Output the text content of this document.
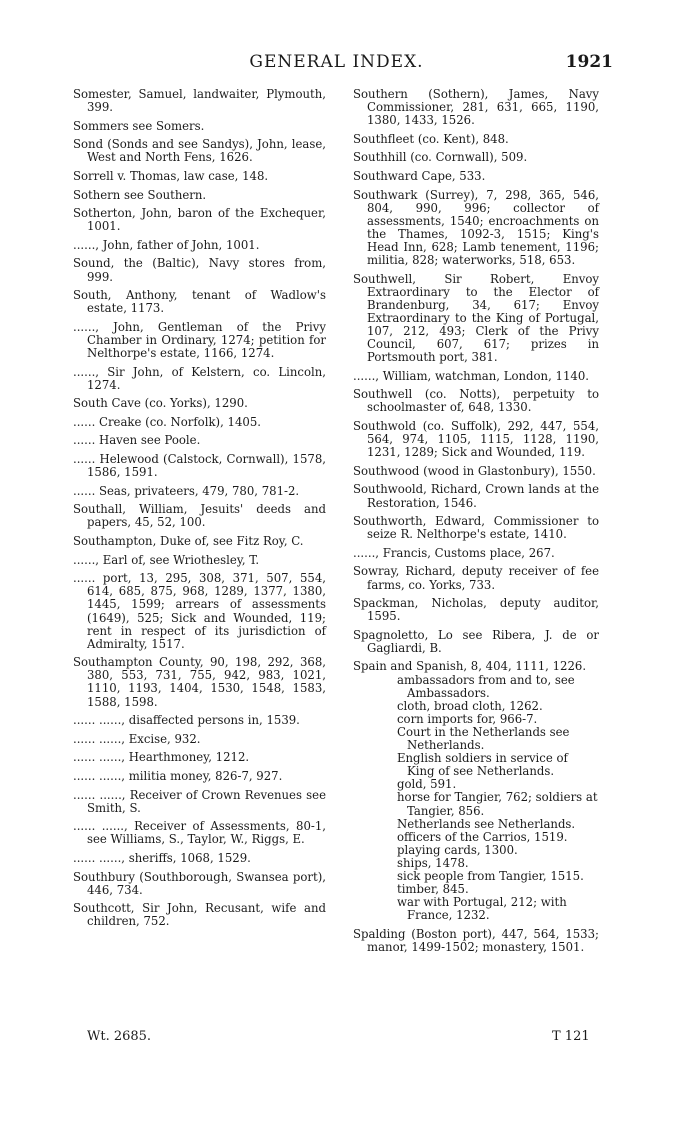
GENERAL INDEX.	1921
Somester, Samuel, landwaiter, Plymouth, 399.
Sommers see Somers.
Sond (Sonds and see Sandys), John, lease, West and North Fens, 1626.
Sorrell v. Thomas, law case, 148.
Sothern see Southern.
Sotherton, John, baron of the Exchequer, 1001.
......, John, father of John, 1001.
Sound, the (Baltic), Navy stores from, 999.
South, Anthony, tenant of Wadlow's estate, 1173.
......, John, Gentleman of the Privy Chamber in Ordinary, 1274; petition for Nelthorpe's estate, 1166, 1274.
......, Sir John, of Kelstern, co. Lincoln, 1274.
South Cave (co. Yorks), 1290.
...... Creake (co. Norfolk), 1405.
...... Haven see Poole.
...... Helewood (Calstock, Cornwall), 1578, 1586, 1591.
...... Seas, privateers, 479, 780, 781-2.
Southall, William, Jesuits' deeds and papers, 45, 52, 100.
Southampton, Duke of, see Fitz Roy, C.
......, Earl of, see Wriothesley, T.
...... port, 13, 295, 308, 371, 507, 554, 614, 685, 875, 968, 1289, 1377, 1380, 1445, 1599; arrears of assessments (1649), 525; Sick and Wounded, 119; rent in respect of its jurisdiction of Admiralty, 1517.
Southampton County, 90, 198, 292, 368, 380, 553, 731, 755, 942, 983, 1021, 1110, 1193, 1404, 1530, 1548, 1583, 1588, 1598.
...... ......, disaffected persons in, 1539.
...... ......, Excise, 932.
...... ......, Hearthmoney, 1212.
...... ......, militia money, 826-7, 927.
...... ......, Receiver of Crown Revenues see Smith, S.
...... ......, Receiver of Assessments, 80-1, see Williams, S., Taylor, W., Riggs, E.
...... ......, sheriffs, 1068, 1529.
Southbury (Southborough, Swansea port), 446, 734.
Southcott, Sir John, Recusant, wife and children, 752.
Southern (Sothern), James, Navy Commissioner, 281, 631, 665, 1190, 1380, 1433, 1526.
Southfleet (co. Kent), 848.
Southhill (co. Cornwall), 509.
Southward Cape, 533.
Southwark (Surrey), 7, 298, 365, 546, 804, 990, 996; collector of assessments, 1540; encroachments on the Thames, 1092-3, 1515; King's Head Inn, 628; Lamb tenement, 1196; militia, 828; waterworks, 518, 653.
Southwell, Sir Robert, Envoy Extraordinary to the Elector of Brandenburg, 34, 617; Envoy Extraordinary to the King of Portugal, 107, 212, 493; Clerk of the Privy Council, 607, 617; prizes in Portsmouth port, 381.
......, William, watchman, London, 1140.
Southwell (co. Notts), perpetuity to schoolmaster of, 648, 1330.
Southwold (co. Suffolk), 292, 447, 554, 564, 974, 1105, 1115, 1128, 1190, 1231, 1289; Sick and Wounded, 119.
Southwood (wood in Glastonbury), 1550.
Southwoold, Richard, Crown lands at the Restoration, 1546.
Southworth, Edward, Commissioner to seize R. Nelthorpe's estate, 1410.
......, Francis, Customs place, 267.
Sowray, Richard, deputy receiver of fee farms, co. Yorks, 733.
Spackman, Nicholas, deputy auditor, 1595.
Spagnoletto, Lo see Ribera, J. de or Gagliardi, B.
Spain and Spanish, 8, 404, 1111, 1226.
ambassadors from and to, see Ambassadors.
cloth, broad cloth, 1262.
corn imports for, 966-7.
Court in the Netherlands see Netherlands.
English soldiers in service of King of see Netherlands.
gold, 591.
horse for Tangier, 762; soldiers at Tangier, 856.
Netherlands see Netherlands.
officers of the Carrios, 1519.
playing cards, 1300.
ships, 1478.
sick people from Tangier, 1515.
timber, 845.
war with Portugal, 212; with France, 1232.
Spalding (Boston port), 447, 564, 1533; manor, 1499-1502; monastery, 1501.
Wt. 2685.	T 121
